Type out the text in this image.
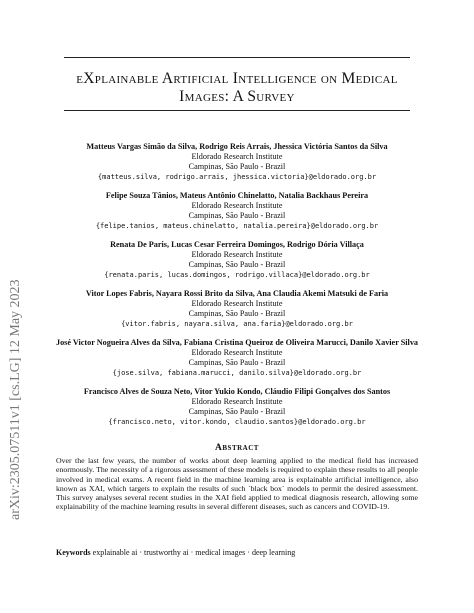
arXiv:2305.07511v1 [cs.LG] 12 May 2023
eXplainable Artificial Intelligence on Medical
Images: A Survey
Matteus Vargas Simão da Silva, Rodrigo Reis Arrais, Jhessica Victória Santos da Silva
Eldorado Research Institute
Campinas, São Paulo - Brazil
{matteus.silva, rodrigo.arrais, jhessica.victoria}@eldorado.org.br
Felipe Souza Tânios, Mateus Antônio Chinelatto, Natalia Backhaus Pereira
Eldorado Research Institute
Campinas, São Paulo - Brazil
{felipe.tanios, mateus.chinelatto, natalia.pereira}@eldorado.org.br
Renata De Paris, Lucas Cesar Ferreira Domingos, Rodrigo Dória Villaça
Eldorado Research Institute
Campinas, São Paulo - Brazil
{renata.paris, lucas.domingos, rodrigo.villaca}@eldorado.org.br
Vitor Lopes Fabris, Nayara Rossi Brito da Silva, Ana Claudia Akemi Matsuki de Faria
Eldorado Research Institute
Campinas, São Paulo - Brazil
{vitor.fabris, nayara.silva, ana.faria}@eldorado.org.br
José Victor Nogueira Alves da Silva, Fabiana Cristina Queiroz de Oliveira Marucci, Danilo Xavier Silva
Eldorado Research Institute
Campinas, São Paulo - Brazil
{jose.silva, fabiana.marucci, danilo.silva}@eldorado.org.br
Francisco Alves de Souza Neto, Vitor Yukio Kondo, Cláudio Filipi Gonçalves dos Santos
Eldorado Research Institute
Campinas, São Paulo - Brazil
{francisco.neto, vitor.kondo, claudio.santos}@eldorado.org.br
Abstract
Over the last few years, the number of works about deep learning applied to the medical field has increased enormously. The necessity of a rigorous assessment of these models is required to explain these results to all people involved in medical exams. A recent field in the machine learning area is explainable artificial intelligence, also known as XAI, which targets to explain the results of such `black box` models to permit the desired assessment. This survey analyses several recent studies in the XAI field applied to medical diagnosis research, allowing some explainability of the machine learning results in several different diseases, such as cancers and COVID-19.
Keywords explainable ai · trustworthy ai · medical images · deep learning
